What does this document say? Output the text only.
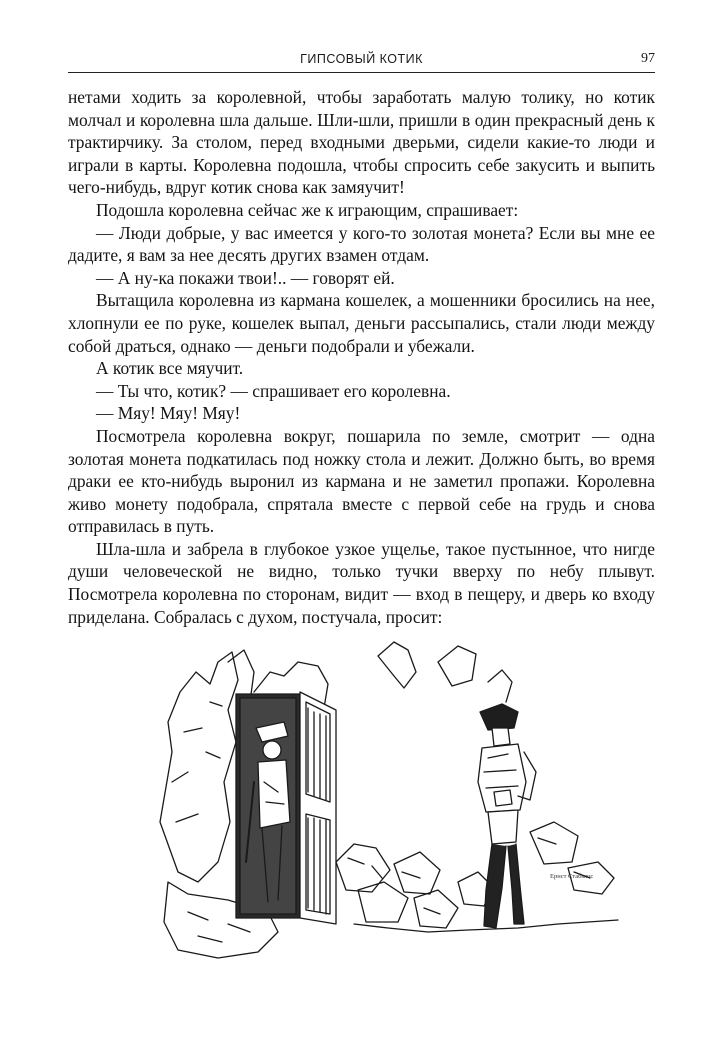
ГИПСОВЫЙ КОТИК	97

нетами ходить за королевной, чтобы заработать малую толику, но котик молчал и королевна шла дальше. Шли-шли, пришли в один прекрасный день к трактирчику. За столом, перед входными дверьми, сидели какие-то люди и играли в карты. Королевна подошла, чтобы спросить себе закусить и выпить чего-нибудь, вдруг котик снова как замяучит!

Подошла королевна сейчас же к играющим, спрашивает:

— Люди добрые, у вас имеется у кого-то золотая монета? Если вы мне ее дадите, я вам за нее десять других взамен отдам.

— А ну-ка покажи твои!.. — говорят ей.

Вытащила королевна из кармана кошелек, а мошенники бросились на нее, хлопнули ее по руке, кошелек выпал, деньги рассыпались, стали люди между собой драться, однако — деньги подобрали и убежали.

А котик все мяучит.

— Ты что, котик? — спрашивает его королевна.

— Мяу! Мяу! Мяу!

Посмотрела королевна вокруг, пошарила по земле, смотрит — одна золотая монета подкатилась под ножку стола и лежит. Должно быть, во время драки ее кто-нибудь выронил из кармана и не заметил пропажи. Королевна живо монету подобрала, спрятала вместе с первой себе на грудь и снова отправилась в путь.

Шла-шла и забрела в глубокое узкое ущелье, такое пустынное, что нигде души человеческой не видно, только тучки вверху по небу плывут. Посмотрела королевна по сторонам, видит — вход в пещеру, и дверь ко входу приделана. Собралась с духом, постучала, просит:

Ернст Стабмюс
